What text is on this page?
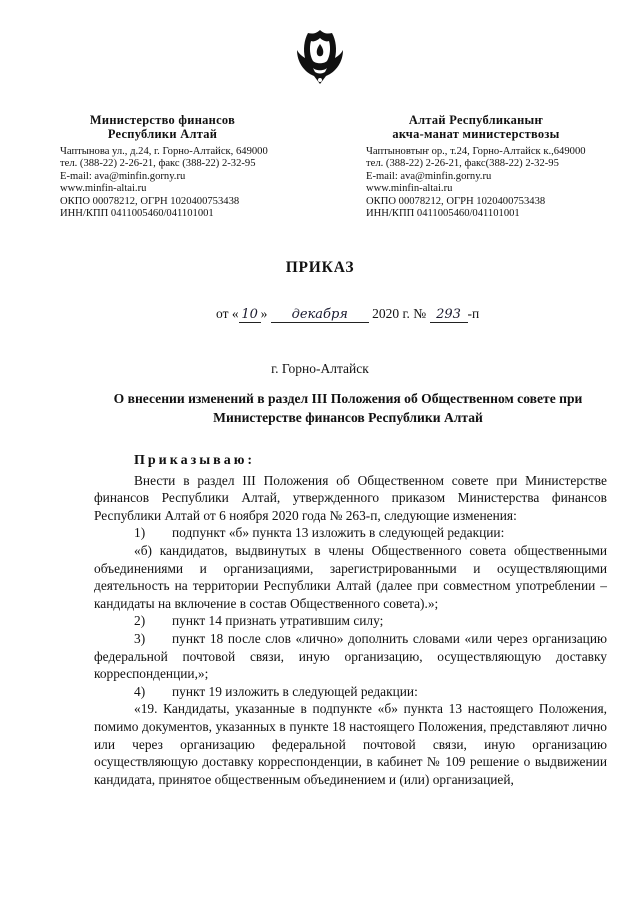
Министерство финансов
Республики Алтай
Чаптынова ул., д.24, г. Горно-Алтайск, 649000
тел. (388-22) 2-26-21, факс (388-22) 2-32-95
E-mail: ava@minfin.gorny.ru
www.minfin-altai.ru
ОКПО 00078212, ОГРН 1020400753438
ИНН/КПП 0411005460/041101001
Алтай Республиканыҥ
акча-манат министерствозы
Чаптыновтыҥ ор., т.24, Горно-Алтайск к.,649000
тел. (388-22) 2-26-21, факс(388-22) 2-32-95
E-mail: ava@minfin.gorny.ru
www.minfin-altai.ru
ОКПО 00078212, ОГРН 1020400753438
ИНН/КПП 0411005460/041101001
ПРИКАЗ
от « 10 » декабря 2020 г. № 293 -п
г. Горно-Алтайск
О внесении изменений в раздел III Положения об Общественном совете при Министерстве финансов Республики Алтай

Приказываю:

Внести в раздел III Положения об Общественном совете при Министерстве финансов Республики Алтай, утвержденного приказом Министерства финансов Республики Алтай от 6 ноября 2020 года № 263-п, следующие изменения:

1) подпункт «б» пункта 13 изложить в следующей редакции:

«б) кандидатов, выдвинутых в члены Общественного совета общественными объединениями и организациями, зарегистрированными и осуществляющими деятельность на территории Республики Алтай (далее при совместном употреблении – кандидаты на включение в состав Общественного совета).»;

2) пункт 14 признать утратившим силу;

3) пункт 18 после слов «лично» дополнить словами «или через организацию федеральной почтовой связи, иную организацию, осуществляющую доставку корреспонденции,»;

4) пункт 19 изложить в следующей редакции:

«19. Кандидаты, указанные в подпункте «б» пункта 13 настоящего Положения, помимо документов, указанных в пункте 18 настоящего Положения, представляют лично или через организацию федеральной почтовой связи, иную организацию осуществляющую доставку корреспонденции, в кабинет № 109 решение о выдвижении кандидата, принятое общественным объединением и (или) организацией,
